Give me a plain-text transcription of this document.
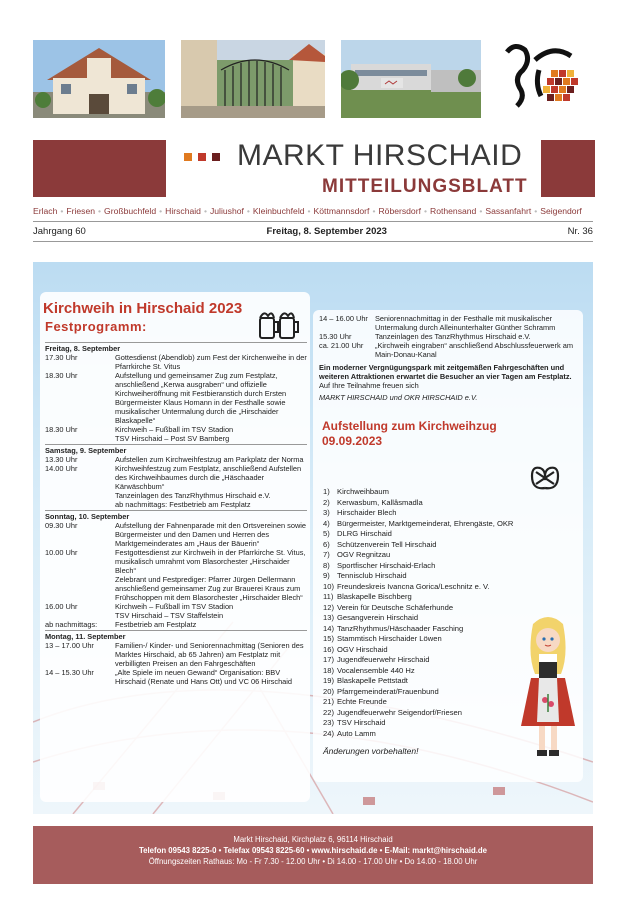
MARKT HIRSCHAID
MITTEILUNGSBLATT
Erlach • Friesen • Großbuchfeld • Hirschaid • Juliushof • Kleinbuchfeld • Köttmannsdorf • Röbersdorf • Rothensand • Sassanfahrt • Seigendorf
Jahrgang 60	Freitag, 8. September 2023	Nr. 36
Kirchweih in Hirschaid 2023
Festprogramm:
Freitag, 8. September
17.30 Uhr	Gottesdienst (Abendlob) zum Fest der Kirchenweihe in der Pfarrkirche St. Vitus
18.30 Uhr	Aufstellung und gemeinsamer Zug zum Festplatz, anschließend „Kerwa ausgraben“ und offizielle Kirchweiheröffnung mit Festbieranstich durch Ersten Bürgermeister Klaus Homann in der Festhalle sowie musikalischer Untermalung durch die „Hirschaider Blaskapelle“
18.30 Uhr	Kirchweih – Fußball im TSV Stadion
TSV Hirschaid – Post SV Bamberg
Samstag, 9. September
13.30 Uhr	Aufstellen zum Kirchweihfestzug am Parkplatz der Norma
14.00 Uhr	Kirchweihfestzug zum Festplatz, anschließend Aufstellen des Kirchweihbaumes durch die „Häschaader Kärwäschbum“
Tanzeinlagen des TanzRhythmus Hirschaid e.V.
ab nachmittags: Festbetrieb am Festplatz
Sonntag, 10. September
09.30 Uhr	Aufstellung der Fahnenparade mit den Ortsvereinen sowie Bürgermeister und den Damen und Herren des Marktgemeinderates am „Haus der Bäuerin“
10.00 Uhr	Festgottesdienst zur Kirchweih in der Pfarrkirche St. Vitus, musikalisch umrahmt vom Blasorchester „Hirschaider Blech“
Zelebrant und Festprediger: Pfarrer Jürgen Dellermann
anschließend gemeinsamer Zug zur Brauerei Kraus zum Frühschoppen mit dem Blasorchester „Hirschaider Blech“
16.00 Uhr	Kirchweih – Fußball im TSV Stadion
TSV Hirschaid – TSV Staffelstein
ab nachmittags:	Festbetrieb am Festplatz
Montag, 11. September
13 – 17.00 Uhr	Familien-/ Kinder- und Seniorennachmittag (Senioren des Marktes Hirschaid, ab 65 Jahren) am Festplatz mit verbilligten Preisen an den Fahrgeschäften
14 – 15.30 Uhr	„Alte Spiele im neuen Gewand“ Organisation: BBV Hirschaid (Renate und Hans Ott) und VC 06 Hirschaid
14 – 16.00 Uhr Seniorennachmittag in der Festhalle mit musikalischer Untermalung durch Alleinunterhalter Günther Schramm
15.30 Uhr	Tanzeinlagen des TanzRhythmus Hirschaid e.V.
ca. 21.00 Uhr	„Kirchweih eingraben“ anschließend Abschlussfeuerwerk am Main-Donau-Kanal
Ein moderner Vergnügungspark mit zeitgemäßen Fahrgeschäften und weiteren Attraktionen erwartet die Besucher an vier Tagen am Festplatz.
Auf Ihre Teilnahme freuen sich
MARKT HIRSCHAID und OKR HIRSCHAID e.V.
Aufstellung zum Kirchweihzug 09.09.2023
1) Kirchweihbaum
2) Kerwasbum, Kallâsmadla
3) Hirschaider Blech
4) Bürgermeister, Marktgemeinderat, Ehrengäste, OKR
5) DLRG Hirschaid
6) Schützenverein Tell Hirschaid
7) OGV Regnitzau
8) Sportfischer Hirschaid-Erlach
9) Tennisclub Hirschaid
10) Freundeskreis Ivancna Gorica/Leschnitz e. V.
11) Blaskapelle Bischberg
12) Verein für Deutsche Schäferhunde
13) Gesangverein Hirschaid
14) TanzRhythmus/Häschaader Fasching
15) Stammtisch Hirschaider Löwen
16) OGV Hirschaid
17) Jugendfeuerwehr Hirschaid
18) Vocalensemble 440 Hz
19) Blaskapelle Pettstadt
20) Pfarrgemeinderat/Frauenbund
21) Echte Freunde
22) Jugendfeuerwehr Seigendorf/Friesen
23) TSV Hirschaid
24) Auto Lamm
Änderungen vorbehalten!
Markt Hirschaid, Kirchplatz 6, 96114 Hirschaid
Telefon 09543 8225-0 • Telefax 09543 8225-60 • www.hirschaid.de • E-Mail: markt@hirschaid.de
Öffnungszeiten Rathaus: Mo - Fr 7.30 - 12.00 Uhr • Di 14.00 - 17.00 Uhr • Do 14.00 - 18.00 Uhr
